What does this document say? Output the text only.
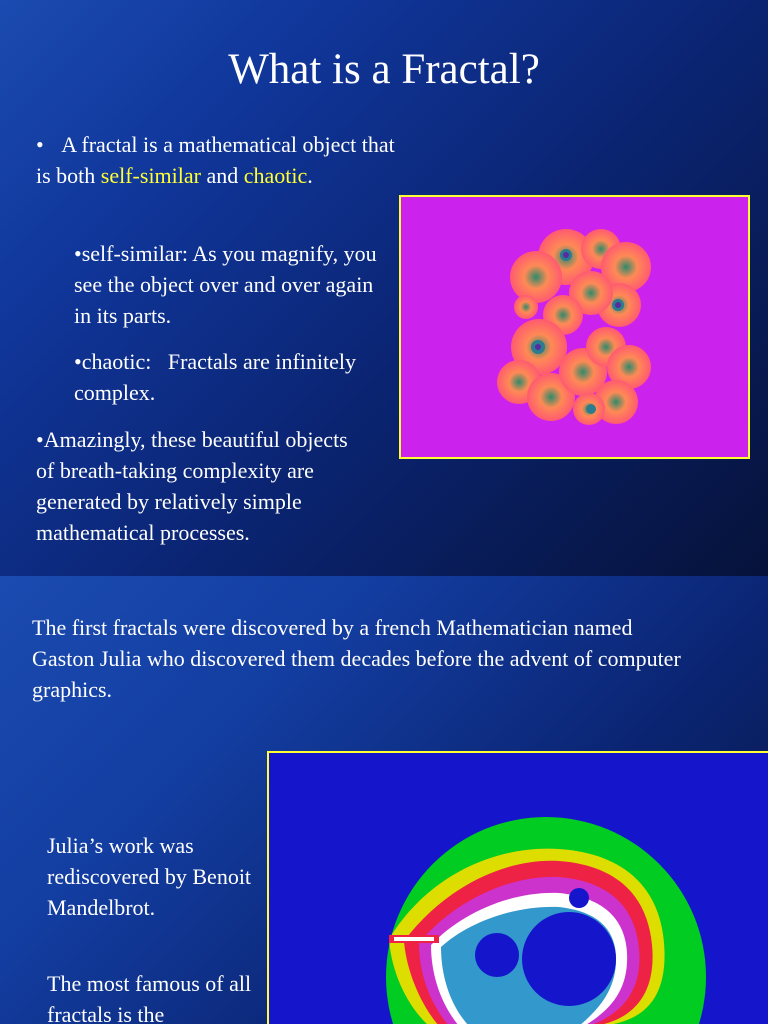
What is a Fractal?
• A fractal is a mathematical object that is both self-similar and chaotic.
•self-similar: As you magnify, you see the object over and over again in its parts.
•chaotic:   Fractals are infinitely complex.
•Amazingly, these beautiful objects of breath-taking complexity are generated by relatively simple mathematical processes.
The first fractals were discovered by a french Mathematician named Gaston Julia who discovered them decades before the advent of computer graphics.
Julia’s work was rediscovered by Benoit Mandelbrot.
The most famous of all fractals is the
